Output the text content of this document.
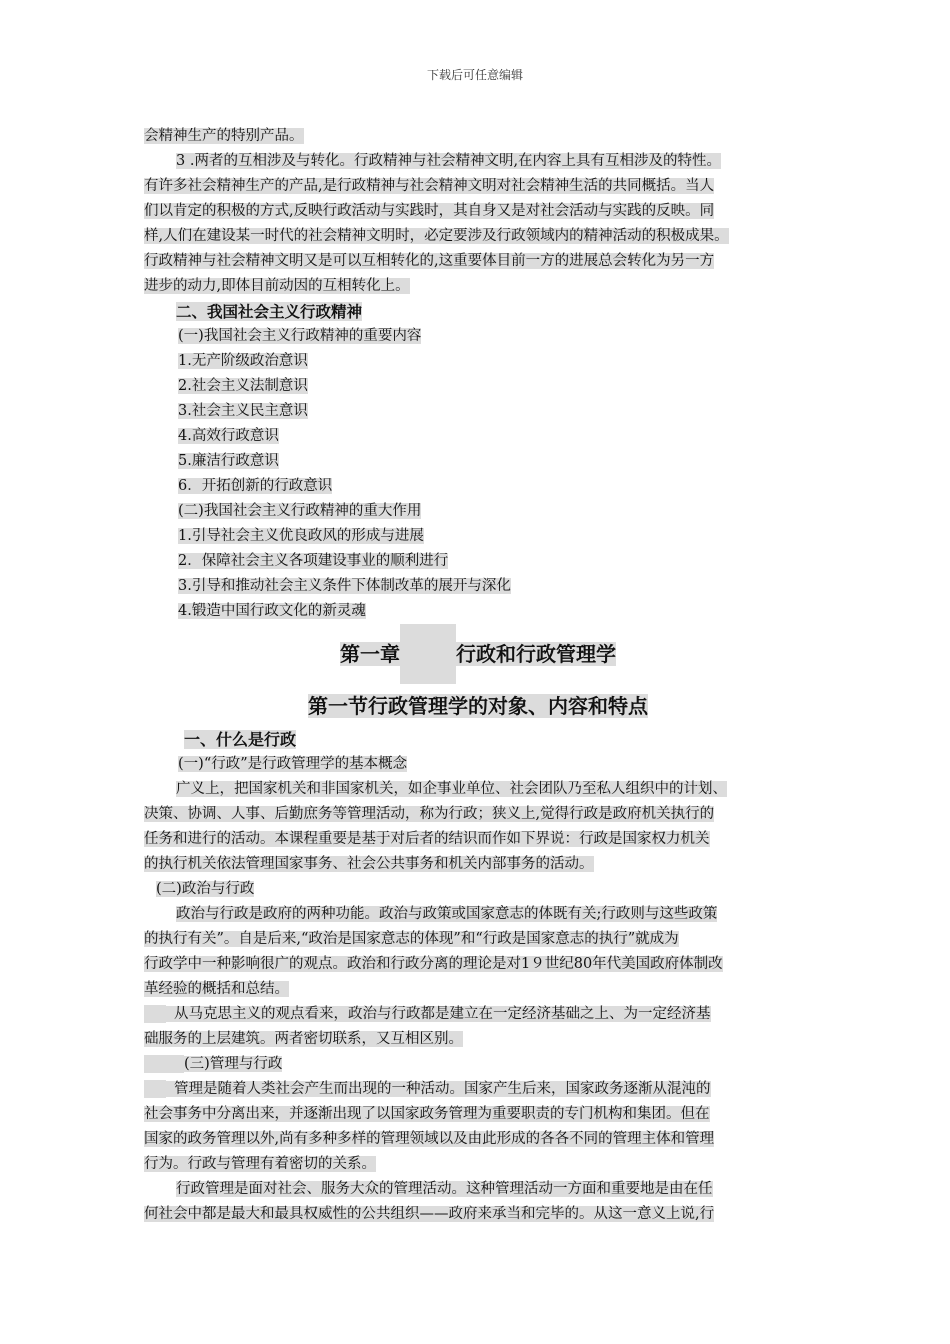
下载后可任意编辑
会精神生产的特别产品。
3 .两者的互相涉及与转化。行政精神与社会精神文明,在内容上具有互相涉及的特性。
有许多社会精神生产的产品,是行政精神与社会精神文明对社会精神生活的共同概括。当人
们以肯定的积极的方式,反映行政活动与实践时，其自身又是对社会活动与实践的反映。同
样,人们在建设某一时代的社会精神文明时，必定要涉及行政领域内的精神活动的积极成果。
行政精神与社会精神文明又是可以互相转化的,这重要体目前一方的进展总会转化为另一方
进步的动力,即体目前动因的互相转化上。
二、我国社会主义行政精神
(一)我国社会主义行政精神的重要内容
1.无产阶级政治意识
2.社会主义法制意识
3.社会主义民主意识
4.高效行政意识
5.廉洁行政意识
6．开拓创新的行政意识
(二)我国社会主义行政精神的重大作用
1.引导社会主义优良政风的形成与进展
2．保障社会主义各项建设事业的顺利进行
3.引导和推动社会主义条件下体制改革的展开与深化
4.锻造中国行政文化的新灵魂
第一章	行政和行政管理学
第一节行政管理学的对象、内容和特点
一、什么是行政
(一)“行政”是行政管理学的基本概念
广义上，把国家机关和非国家机关，如企事业单位、社会团队乃至私人组织中的计划、
决策、协调、人事、后勤庶务等管理活动，称为行政；狭义上,觉得行政是政府机关执行的
任务和进行的活动。本课程重要是基于对后者的结识而作如下界说：行政是国家权力机关
的执行机关依法管理国家事务、社会公共事务和机关内部事务的活动。
(二)政治与行政
政治与行政是政府的两种功能。政治与政策或国家意志的体既有关;行政则与这些政策
的执行有关”。自是后来,“政治是国家意志的体现”和“行政是国家意志的执行”就成为
行政学中一种影响很广的观点。政治和行政分离的理论是对1９世纪80年代美国政府体制改
革经验的概括和总结。
从马克思主义的观点看来，政治与行政都是建立在一定经济基础之上、为一定经济基
础服务的上层建筑。两者密切联系，又互相区别。
(三)管理与行政
管理是随着人类社会产生而出现的一种活动。国家产生后来，国家政务逐渐从混沌的
社会事务中分离出来，并逐渐出现了以国家政务管理为重要职责的专门机构和集团。但在
国家的政务管理以外,尚有多种多样的管理领域以及由此形成的各各不同的管理主体和管理
行为。行政与管理有着密切的关系。
行政管理是面对社会、服务大众的管理活动。这种管理活动一方面和重要地是由在任
何社会中都是最大和最具权威性的公共组织——政府来承当和完毕的。从这一意义上说,行
